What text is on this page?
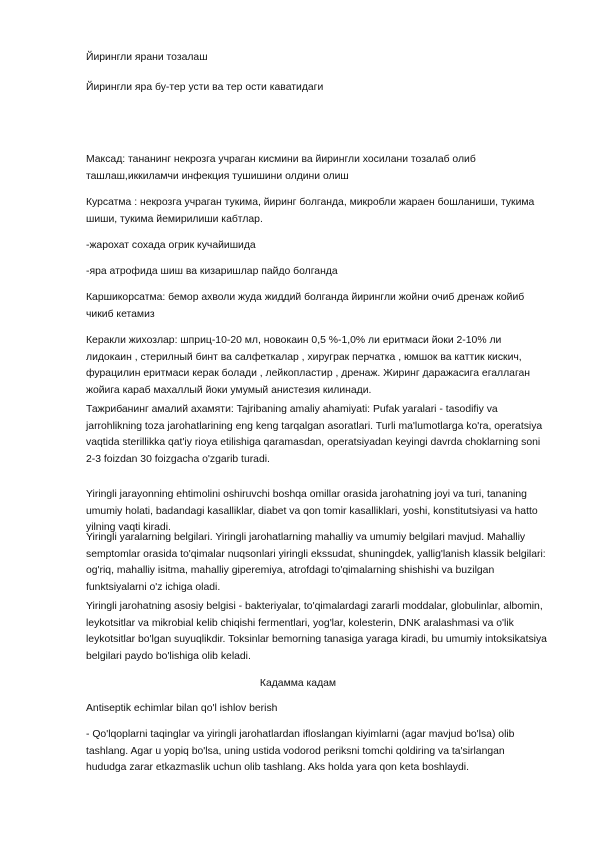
Йирингли ярани тозалаш

Йирингли яра бу-тер усти ва тер ости каватидаги

Максад: тананинг некрозга учраган кисмини ва йирингли хосилани тозалаб олиб ташлаш,иккиламчи инфекция тушишини олдини олиш

Курсатма : некрозга учраган тукима, йиринг болганда, микробли жараен бошланиши, тукима шиши, тукима йемирилиши кабтлар.

-жарохат сохада огрик кучайишида

-яра атрофида шиш ва кизаришлар пайдо болганда

Каршикорсатма: бемор ахволи жуда жиддий болганда йирингли жойни очиб дренаж койиб чикиб кетамиз

Керакли жихозлар: шприц-10-20 мл, новокаин 0,5 %-1,0% ли еритмаси йоки 2-10% ли лидокаин , стерилный бинт ва салфеткалар , хируграк перчатка , юмшок ва каттик кискич, фурацилин еритмаси керак болади , лейкопластир , дренаж. Жиринг даражасига егаллаган жойига караб махаллый йоки умумый анистезия килинади.

Тажрибанинг амалий ахамяти: Tajribaning amaliy ahamiyati: Pufak yaralari - tasodifiy va jarrohlikning toza jarohatlarining eng keng tarqalgan asoratlari. Turli ma'lumotlarga ko'ra, operatsiya vaqtida sterillikka qat'iy rioya etilishiga qaramasdan, operatsiyadan keyingi davrda choklarning soni 2-3 foizdan 30 foizgacha o'zgarib turadi.

Yiringli jarayonning ehtimolini oshiruvchi boshqa omillar orasida jarohatning joyi va turi, tananing umumiy holati, badandagi kasalliklar, diabet va qon tomir kasalliklari, yoshi, konstitutsiyasi va hatto yilning vaqti kiradi.

Yiringli yaralarning belgilari. Yiringli jarohatlarning mahalliy va umumiy belgilari mavjud. Mahalliy semptomlar orasida to'qimalar nuqsonlari yiringli ekssudat, shuningdek, yallig'lanish klassik belgilari: og'riq, mahalliy isitma, mahalliy giperemiya, atrofdagi to'qimalarning shishishi va buzilgan funktsiyalarni o'z ichiga oladi.

Yiringli jarohatning asosiy belgisi - bakteriyalar, to'qimalardagi zararli moddalar, globulinlar, albomin, leykotsitlar va mikrobial kelib chiqishi fermentlari, yog'lar, kolesterin, DNK aralashmasi va o'lik leykotsitlar bo'lgan suyuqlikdir. Toksinlar bemorning tanasiga yaraga kiradi, bu umumiy intoksikatsiya belgilari paydo bo'lishiga olib keladi.

Кадамма кадам

Antiseptik echimlar bilan qo'l ishlov berish

- Qo'lqoplarni taqinglar va yiringli jarohatlardan ifloslangan kiyimlarni (agar mavjud bo'lsa) olib tashlang. Agar u yopiq bo'lsa, uning ustida vodorod periksni tomchi qoldiring va ta'sirlangan hududga zarar etkazmaslik uchun olib tashlang. Aks holda yara qon keta boshlaydi.
